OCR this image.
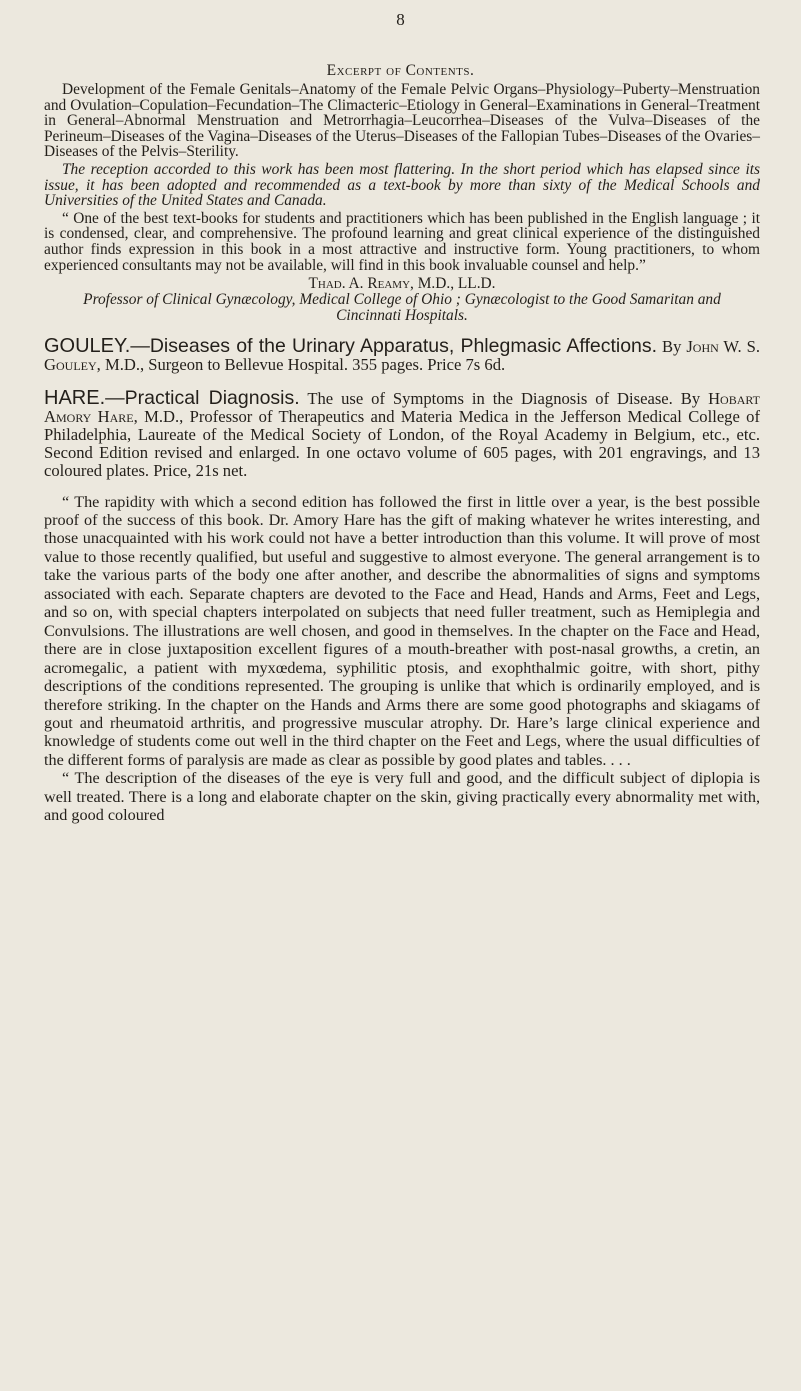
8
Excerpt of Contents.

Development of the Female Genitals–Anatomy of the Female Pelvic Organs–Physiology–Puberty–Menstruation and Ovulation–Copulation–Fecundation–The Climacteric–Etiology in General–Examinations in General–Treatment in General–Abnormal Menstruation and Metrorrhagia–Leucorrhea–Diseases of the Vulva–Diseases of the Perineum–Diseases of the Vagina–Diseases of the Uterus–Diseases of the Fallopian Tubes–Diseases of the Ovaries–Diseases of the Pelvis–Sterility.

The reception accorded to this work has been most flattering. In the short period which has elapsed since its issue, it has been adopted and recommended as a text-book by more than sixty of the Medical Schools and Universities of the United States and Canada.

“ One of the best text-books for students and practitioners which has been published in the English language ; it is condensed, clear, and comprehensive. The profound learning and great clinical experience of the distinguished author finds expression in this book in a most attractive and instructive form. Young practitioners, to whom experienced consultants may not be available, will find in this book invaluable counsel and help.”

Thad. A. Reamy, M.D., LL.D.
Professor of Clinical Gynæcology, Medical College of Ohio ; Gynæcologist to the Good Samaritan and Cincinnati Hospitals.

GOULEY.—Diseases of the Urinary Apparatus, Phlegmasic Affections. By John W. S. Gouley, M.D., Surgeon to Bellevue Hospital. 355 pages. Price 7s 6d.

HARE.—Practical Diagnosis. The use of Symptoms in the Diagnosis of Disease. By Hobart Amory Hare, M.D., Professor of Therapeutics and Materia Medica in the Jefferson Medical College of Philadelphia, Laureate of the Medical Society of London, of the Royal Academy in Belgium, etc., etc. Second Edition revised and enlarged. In one octavo volume of 605 pages, with 201 engravings, and 13 coloured plates. Price, 21s net.

“ The rapidity with which a second edition has followed the first in little over a year, is the best possible proof of the success of this book. Dr. Amory Hare has the gift of making whatever he writes interesting, and those unacquainted with his work could not have a better introduction than this volume. It will prove of most value to those recently qualified, but useful and suggestive to almost everyone. The general arrangement is to take the various parts of the body one after another, and describe the abnormalities of signs and symptoms associated with each. Separate chapters are devoted to the Face and Head, Hands and Arms, Feet and Legs, and so on, with special chapters interpolated on subjects that need fuller treatment, such as Hemiplegia and Convulsions. The illustrations are well chosen, and good in themselves. In the chapter on the Face and Head, there are in close juxtaposition excellent figures of a mouth-breather with post-nasal growths, a cretin, an acromegalic, a patient with myxœdema, syphilitic ptosis, and exophthalmic goitre, with short, pithy descriptions of the conditions represented. The grouping is unlike that which is ordinarily employed, and is therefore striking. In the chapter on the Hands and Arms there are some good photographs and skiagams of gout and rheumatoid arthritis, and progressive muscular atrophy. Dr. Hare’s large clinical experience and knowledge of students come out well in the third chapter on the Feet and Legs, where the usual difficulties of the different forms of paralysis are made as clear as possible by good plates and tables. . . .

“ The description of the diseases of the eye is very full and good, and the difficult subject of diplopia is well treated. There is a long and elaborate chapter on the skin, giving practically every abnormality met with, and good coloured
